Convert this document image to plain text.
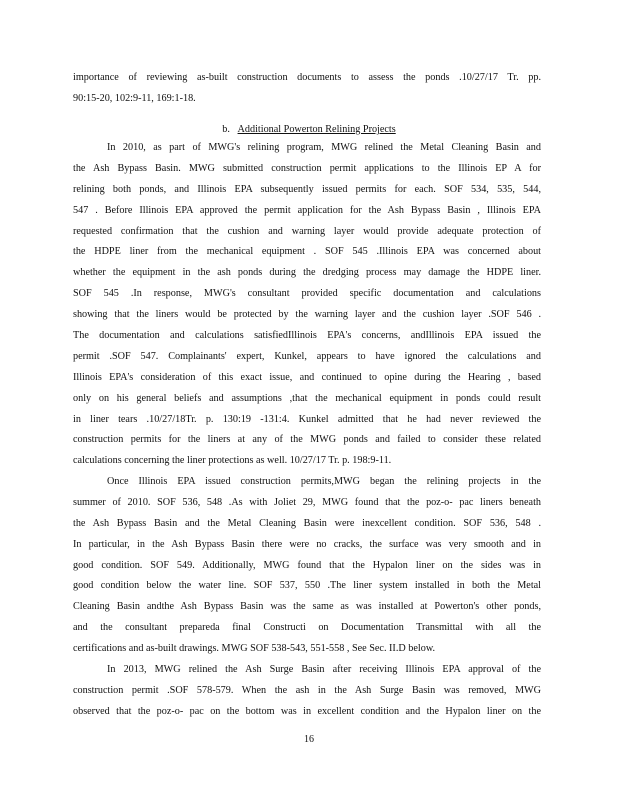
importance of reviewing as-built construction documents to assess the ponds .10/27/17 Tr. pp.
90:15-20, 102:9-11, 169:1-18.
b. Additional Powerton Relining Projects
In 2010, as part of MWG's relining program, MWG relined the Metal Cleaning Basin and
the Ash Bypass Basin. MWG submitted construction permit applications to the Illinois EP A for
relining both ponds, and Illinois EPA subsequently issued permits for each. SOF 534, 535, 544,
547 . Before Illinois EPA approved the permit application for the Ash Bypass Basin , Illinois EPA
requested confirmation that the cushion and warning layer would provide adequate protection of
the HDPE liner from the mechanical equipment . SOF 545 .Illinois EPA was concerned about
whether the equipment in the ash ponds during the dredging process may damage the HDPE liner.
SOF 545 .In response, MWG's consultant provided specific documentation and calculations
showing that the liners would be protected by the warning layer and the cushion layer .SOF 546 .
The documentation and calculations satisfiedIllinois EPA's concerns, andIllinois EPA issued the
permit .SOF 547. Complainants' expert, Kunkel, appears to have ignored the calculations and
Illinois EPA's consideration of this exact issue, and continued to opine during the Hearing , based
only on his general beliefs and assumptions ,that the mechanical equipment in ponds could result
in liner tears .10/27/18Tr. p. 130:19 -131:4. Kunkel admitted that he had never reviewed the
construction permits for the liners at any of the MWG ponds and failed to consider these related
calculations concerning the liner protections as well. 10/27/17 Tr. p. 198:9-11.
Once Illinois EPA issued construction permits,MWG began the relining projects in the
summer of 2010. SOF 536, 548 .As with Joliet 29, MWG found that the poz-o- pac liners beneath
the Ash Bypass Basin and the Metal Cleaning Basin were inexcellent condition. SOF 536, 548 .
In particular, in the Ash Bypass Basin there were no cracks, the surface was very smooth and in
good condition. SOF 549. Additionally, MWG found that the Hypalon liner on the sides was in
good condition below the water line. SOF 537, 550 .The liner system installed in both the Metal
Cleaning Basin andthe Ash Bypass Basin was the same as was installed at Powerton's other ponds,
and the consultant prepareda final Constructi on Documentation Transmittal with all the
certifications and as-built drawings. MWG SOF 538-543, 551-558 , See Sec. II.D below.
In 2013, MWG relined the Ash Surge Basin after receiving Illinois EPA approval of the
construction permit .SOF 578-579. When the ash in the Ash Surge Basin was removed, MWG
observed that the poz-o- pac on the bottom was in excellent condition and the Hypalon liner on the
16
